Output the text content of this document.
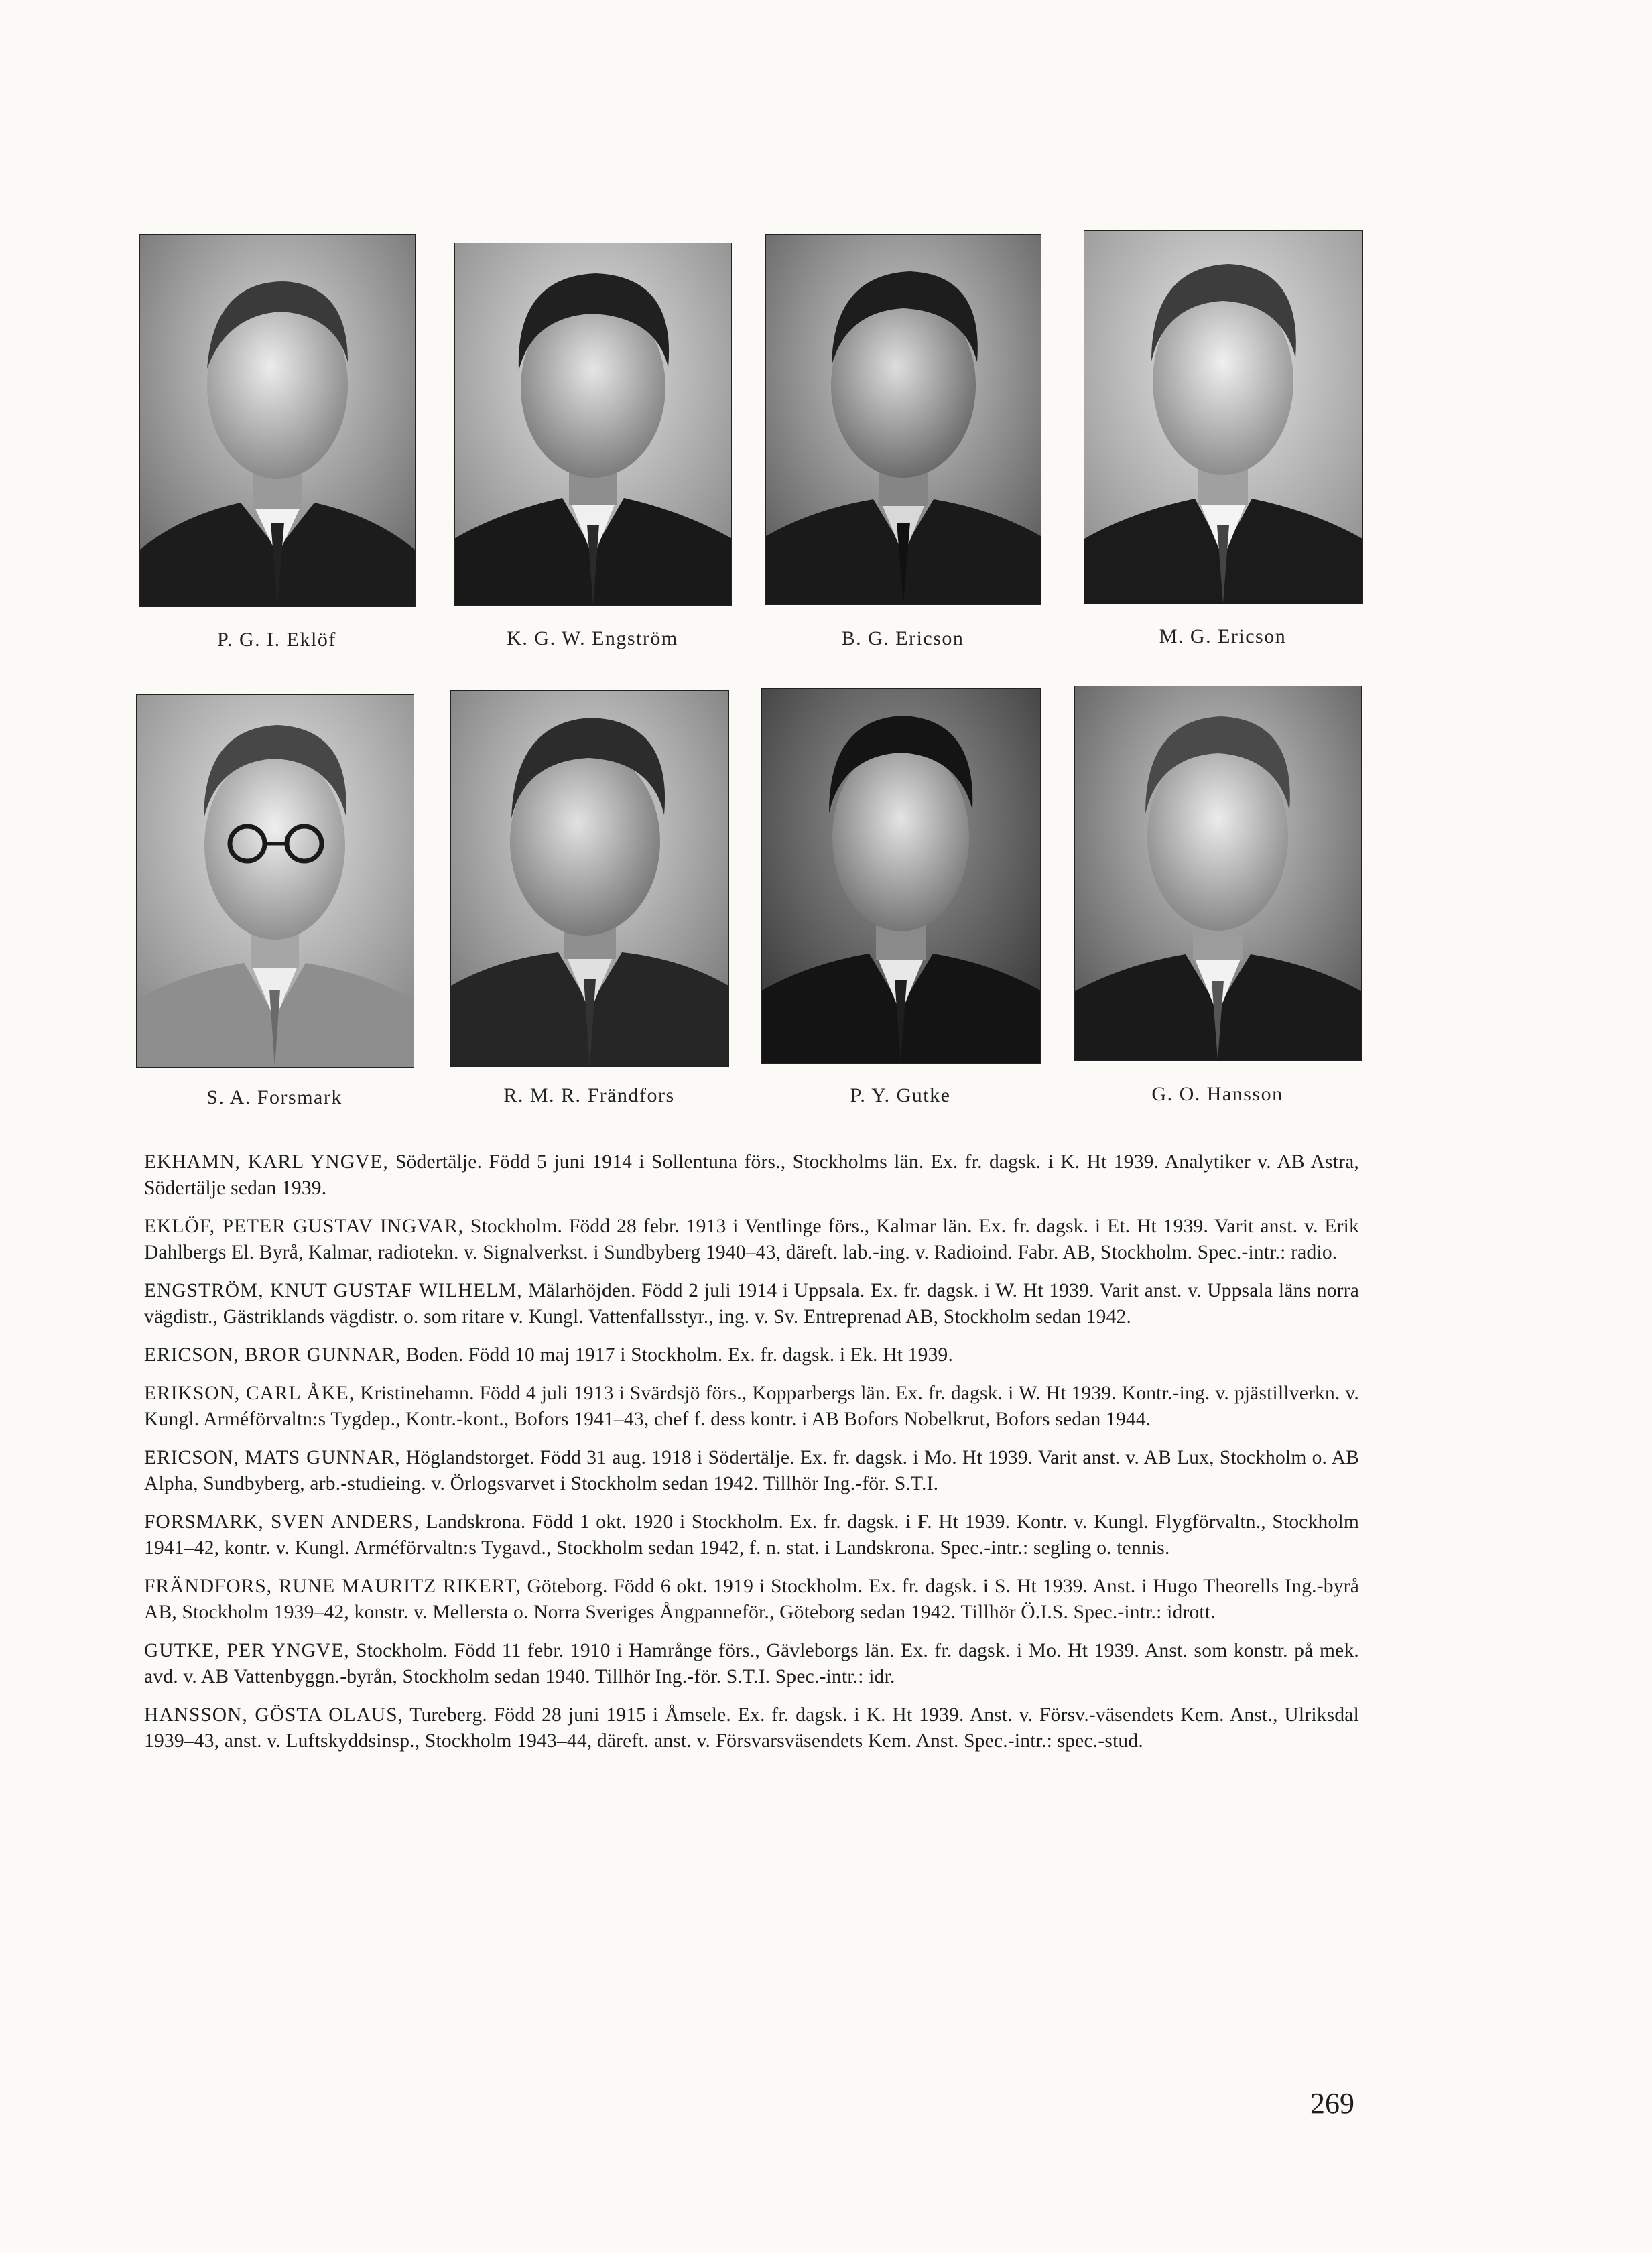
P. G. I. Eklöf	K. G. W. Engström	B. G. Ericson	M. G. Ericson
S. A. Forsmark	R. M. R. Frändfors	P. Y. Gutke	G. O. Hansson

EKHAMN, KARL YNGVE, Södertälje. Född 5 juni 1914 i Sollentuna förs., Stockholms län. Ex. fr. dagsk. i K. Ht 1939. Analytiker v. AB Astra, Södertälje sedan 1939.

EKLÖF, PETER GUSTAV INGVAR, Stockholm. Född 28 febr. 1913 i Ventlinge förs., Kalmar län. Ex. fr. dagsk. i Et. Ht 1939. Varit anst. v. Erik Dahlbergs El. Byrå, Kalmar, radiotekn. v. Signalverkst. i Sundbyberg 1940–43, däreft. lab.-ing. v. Radioind. Fabr. AB, Stockholm. Spec.-intr.: radio.

ENGSTRÖM, KNUT GUSTAF WILHELM, Mälarhöjden. Född 2 juli 1914 i Uppsala. Ex. fr. dagsk. i W. Ht 1939. Varit anst. v. Uppsala läns norra vägdistr., Gästriklands vägdistr. o. som ritare v. Kungl. Vattenfallsstyr., ing. v. Sv. Entreprenad AB, Stockholm sedan 1942.

ERICSON, BROR GUNNAR, Boden. Född 10 maj 1917 i Stockholm. Ex. fr. dagsk. i Ek. Ht 1939.

ERIKSON, CARL ÅKE, Kristinehamn. Född 4 juli 1913 i Svärdsjö förs., Kopparbergs län. Ex. fr. dagsk. i W. Ht 1939. Kontr.-ing. v. pjästillverkn. v. Kungl. Arméförvaltn:s Tygdep., Kontr.-kont., Bofors 1941–43, chef f. dess kontr. i AB Bofors Nobelkrut, Bofors sedan 1944.

ERICSON, MATS GUNNAR, Höglandstorget. Född 31 aug. 1918 i Södertälje. Ex. fr. dagsk. i Mo. Ht 1939. Varit anst. v. AB Lux, Stockholm o. AB Alpha, Sundbyberg, arb.-studieing. v. Örlogsvarvet i Stockholm sedan 1942. Tillhör Ing.-för. S.T.I.

FORSMARK, SVEN ANDERS, Landskrona. Född 1 okt. 1920 i Stockholm. Ex. fr. dagsk. i F. Ht 1939. Kontr. v. Kungl. Flygförvaltn., Stockholm 1941–42, kontr. v. Kungl. Arméförvaltn:s Tygavd., Stockholm sedan 1942, f. n. stat. i Landskrona. Spec.-intr.: segling o. tennis.

FRÄNDFORS, RUNE MAURITZ RIKERT, Göteborg. Född 6 okt. 1919 i Stockholm. Ex. fr. dagsk. i S. Ht 1939. Anst. i Hugo Theorells Ing.-byrå AB, Stockholm 1939–42, konstr. v. Mellersta o. Norra Sveriges Ångpanneför., Göteborg sedan 1942. Tillhör Ö.I.S. Spec.-intr.: idrott.

GUTKE, PER YNGVE, Stockholm. Född 11 febr. 1910 i Hamrånge förs., Gävleborgs län. Ex. fr. dagsk. i Mo. Ht 1939. Anst. som konstr. på mek. avd. v. AB Vattenbyggn.-byrån, Stockholm sedan 1940. Tillhör Ing.-för. S.T.I. Spec.-intr.: idr.

HANSSON, GÖSTA OLAUS, Tureberg. Född 28 juni 1915 i Åmsele. Ex. fr. dagsk. i K. Ht 1939. Anst. v. Försv.-väsendets Kem. Anst., Ulriksdal 1939–43, anst. v. Luftskyddsinsp., Stockholm 1943–44, däreft. anst. v. Försvarsväsendets Kem. Anst. Spec.-intr.: spec.-stud.

269
